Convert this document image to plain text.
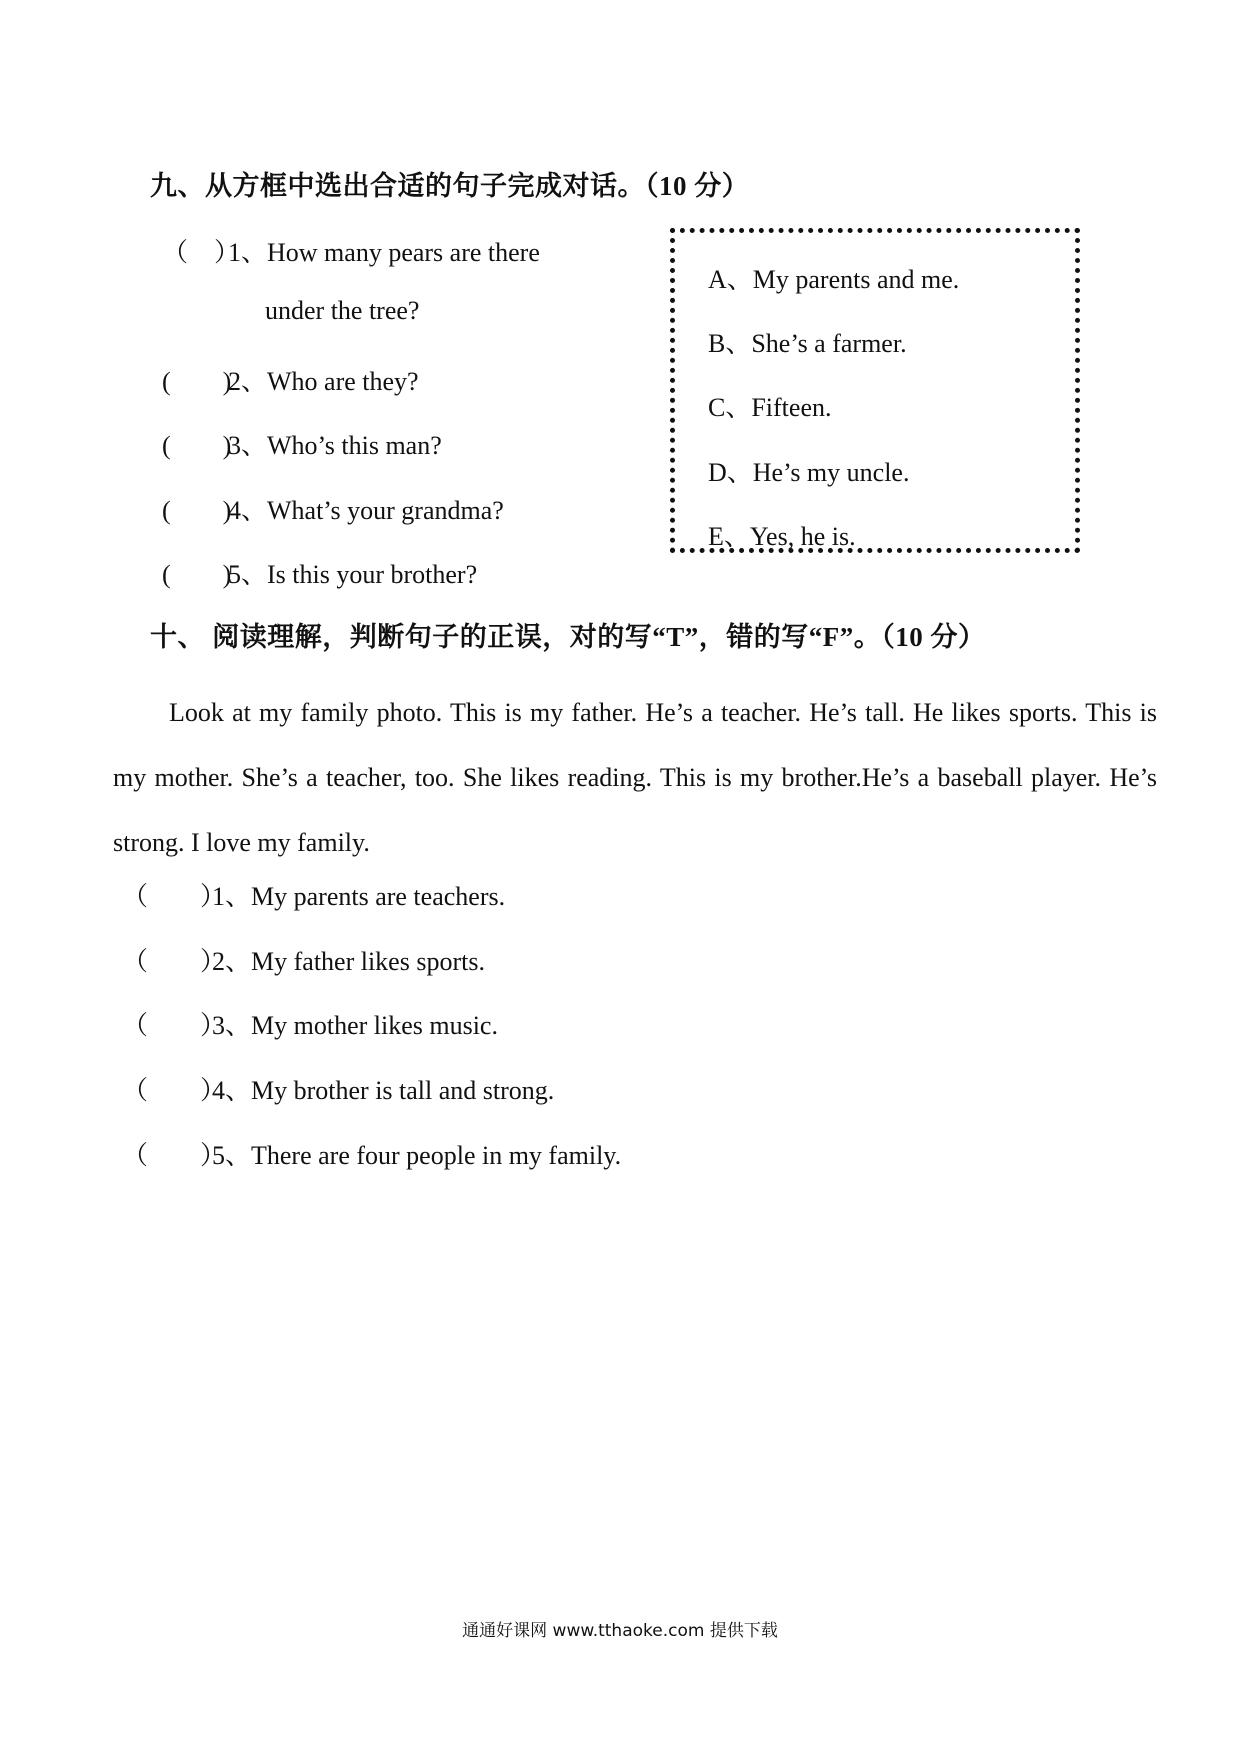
九、从方框中选出合适的句子完成对话。（10 分）
（　）1、How many pears are there
under the tree?
(　　)2、Who are they?
(　　)3、Who’s this man?
(　　)4、What’s your grandma?
(　　)5、Is this your brother?
A、My parents and me.
B、She’s a farmer.
C、Fifteen.
D、He’s my uncle.
E、Yes, he is.
十、 阅读理解，判断句子的正误，对的写“T”，错的写“F”。（10 分）
Look at my family photo. This is my father. He’s a teacher. He’s tall. He likes sports. This is my mother. She’s a teacher, too. She likes reading. This is my brother.He’s a baseball player. He’s strong. I love my family.
（　　）1、My parents are teachers.
（　　）2、My father likes sports.
（　　）3、My mother likes music.
（　　）4、My brother is tall and strong.
（　　）5、There are four people in my family.
通通好课网 www.tthaoke.com 提供下载
